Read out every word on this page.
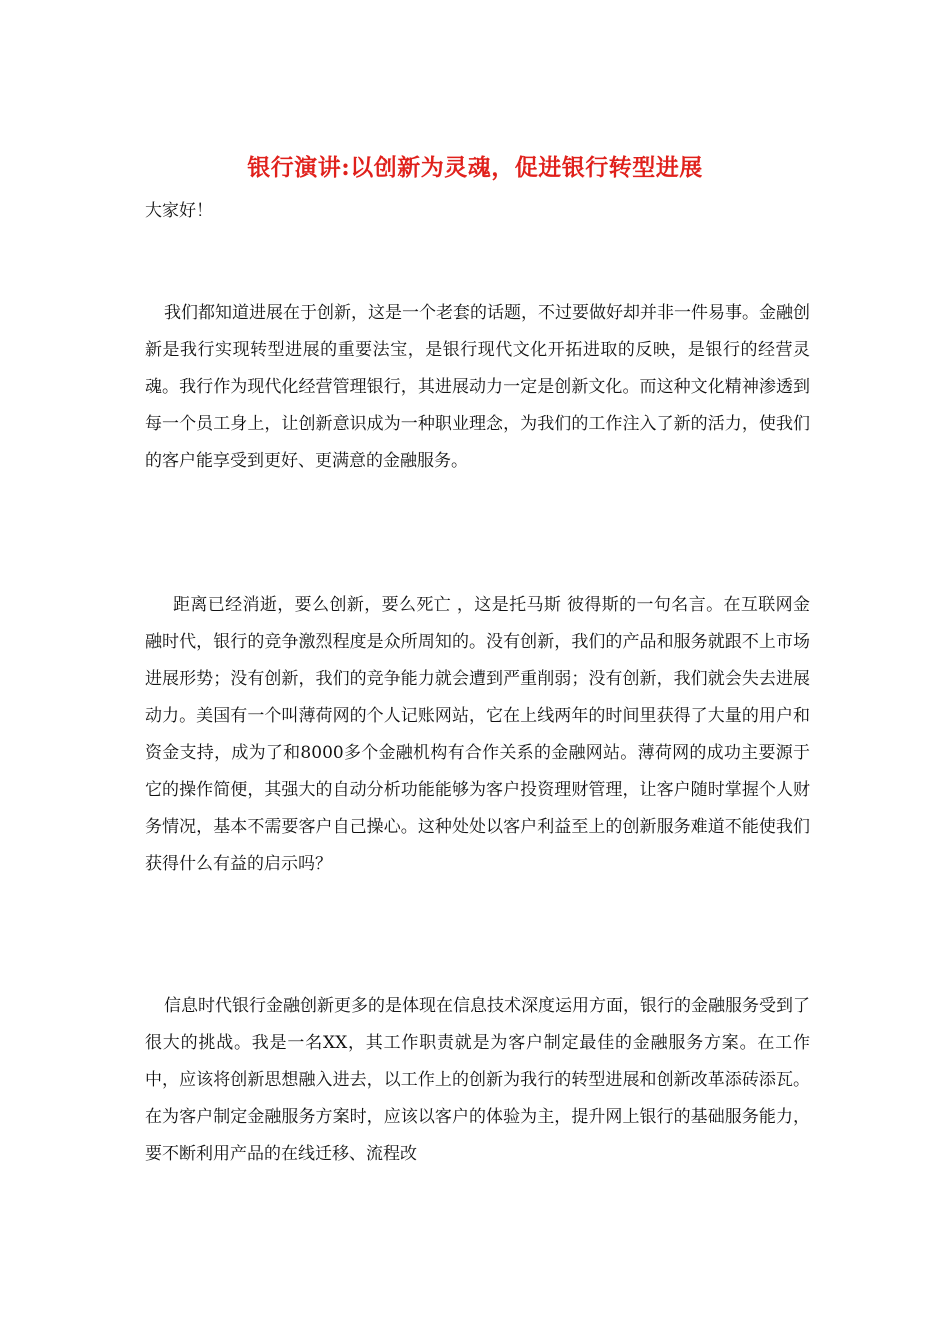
银行演讲:以创新为灵魂，促进银行转型进展
大家好！

我们都知道进展在于创新，这是一个老套的话题，不过要做好却并非一件易事。金融创新是我行实现转型进展的重要法宝，是银行现代文化开拓进取的反映，是银行的经营灵魂。我行作为现代化经营管理银行，其进展动力一定是创新文化。而这种文化精神渗透到每一个员工身上，让创新意识成为一种职业理念，为我们的工作注入了新的活力，使我们的客户能享受到更好、更满意的金融服务。

距离已经消逝，要么创新，要么死亡 ，这是托马斯 彼得斯的一句名言。在互联网金融时代，银行的竞争激烈程度是众所周知的。没有创新，我们的产品和服务就跟不上市场进展形势；没有创新，我们的竞争能力就会遭到严重削弱；没有创新，我们就会失去进展动力。美国有一个叫薄荷网的个人记账网站，它在上线两年的时间里获得了大量的用户和资金支持，成为了和8000多个金融机构有合作关系的金融网站。薄荷网的成功主要源于它的操作简便，其强大的自动分析功能能够为客户投资理财管理，让客户随时掌握个人财务情况，基本不需要客户自己操心。这种处处以客户利益至上的创新服务难道不能使我们获得什么有益的启示吗？

信息时代银行金融创新更多的是体现在信息技术深度运用方面，银行的金融服务受到了很大的挑战。我是一名XX，其工作职责就是为客户制定最佳的金融服务方案。在工作中，应该将创新思想融入进去，以工作上的创新为我行的转型进展和创新改革添砖添瓦。在为客户制定金融服务方案时，应该以客户的体验为主，提升网上银行的基础服务能力，要不断利用产品的在线迁移、流程改
